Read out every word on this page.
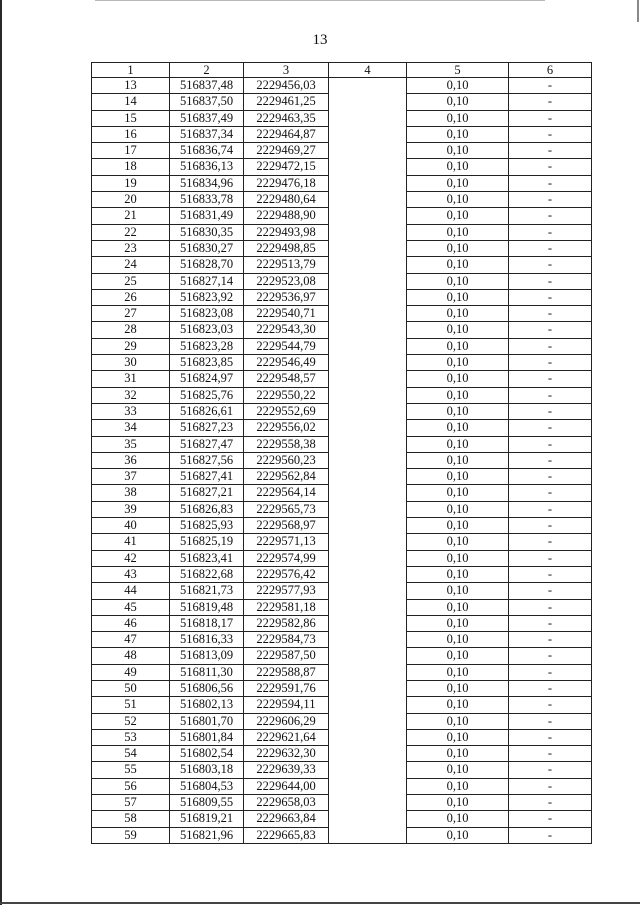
13
1	2	3	4	5	6
13	516837,48	2229456,03		0,10	-
14	516837,50	2229461,25		0,10	-
15	516837,49	2229463,35		0,10	-
16	516837,34	2229464,87		0,10	-
17	516836,74	2229469,27		0,10	-
18	516836,13	2229472,15		0,10	-
19	516834,96	2229476,18		0,10	-
20	516833,78	2229480,64		0,10	-
21	516831,49	2229488,90		0,10	-
22	516830,35	2229493,98		0,10	-
23	516830,27	2229498,85		0,10	-
24	516828,70	2229513,79		0,10	-
25	516827,14	2229523,08		0,10	-
26	516823,92	2229536,97		0,10	-
27	516823,08	2229540,71		0,10	-
28	516823,03	2229543,30		0,10	-
29	516823,28	2229544,79		0,10	-
30	516823,85	2229546,49		0,10	-
31	516824,97	2229548,57		0,10	-
32	516825,76	2229550,22		0,10	-
33	516826,61	2229552,69		0,10	-
34	516827,23	2229556,02		0,10	-
35	516827,47	2229558,38		0,10	-
36	516827,56	2229560,23		0,10	-
37	516827,41	2229562,84		0,10	-
38	516827,21	2229564,14		0,10	-
39	516826,83	2229565,73		0,10	-
40	516825,93	2229568,97		0,10	-
41	516825,19	2229571,13		0,10	-
42	516823,41	2229574,99		0,10	-
43	516822,68	2229576,42		0,10	-
44	516821,73	2229577,93		0,10	-
45	516819,48	2229581,18		0,10	-
46	516818,17	2229582,86		0,10	-
47	516816,33	2229584,73		0,10	-
48	516813,09	2229587,50		0,10	-
49	516811,30	2229588,87		0,10	-
50	516806,56	2229591,76		0,10	-
51	516802,13	2229594,11		0,10	-
52	516801,70	2229606,29		0,10	-
53	516801,84	2229621,64		0,10	-
54	516802,54	2229632,30		0,10	-
55	516803,18	2229639,33		0,10	-
56	516804,53	2229644,00		0,10	-
57	516809,55	2229658,03		0,10	-
58	516819,21	2229663,84		0,10	-
59	516821,96	2229665,83		0,10	-
